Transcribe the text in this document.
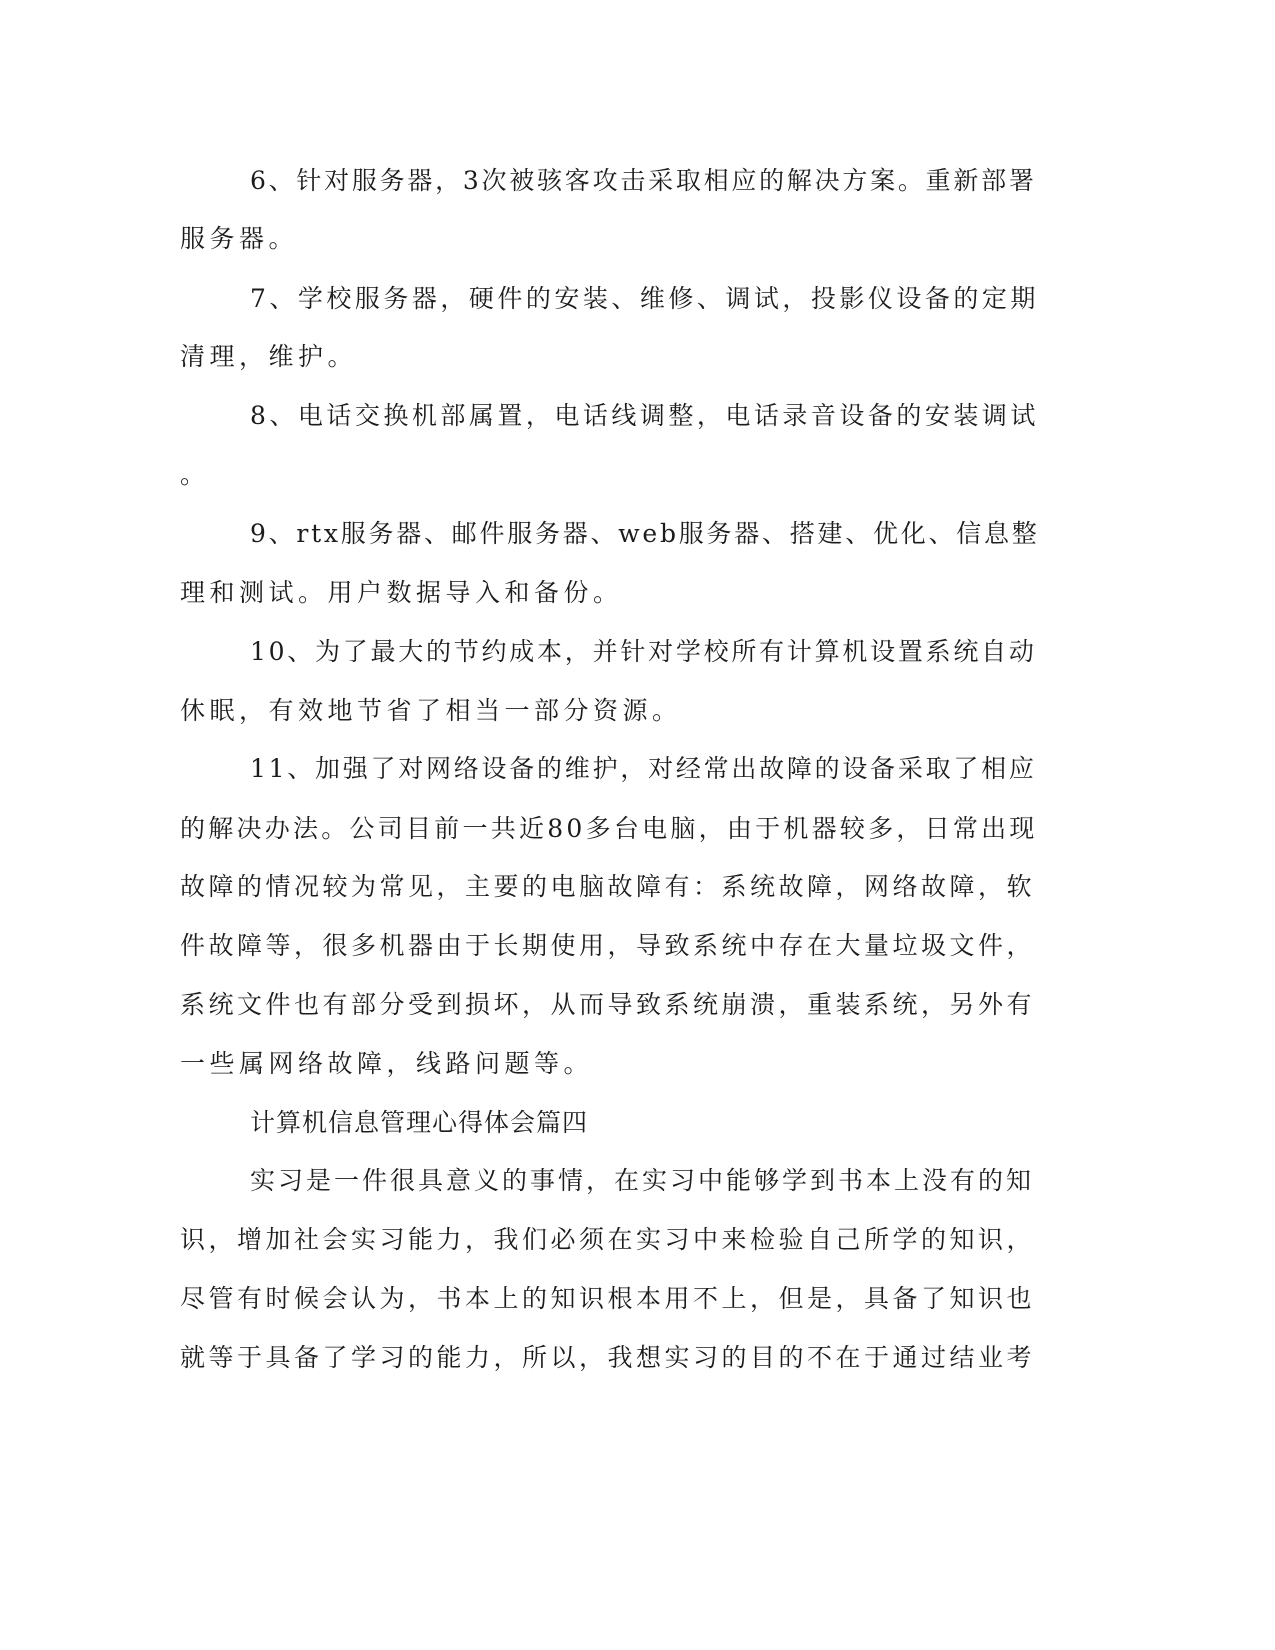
6、针对服务器，3次被骇客攻击采取相应的解决方案。重新部署

服务器。

7、学校服务器，硬件的安装、维修、调试，投影仪设备的定期

清理，维护。

8、电话交换机部属置，电话线调整，电话录音设备的安装调试

。

9、rtx服务器、邮件服务器、web服务器、搭建、优化、信息整

理和测试。用户数据导入和备份。

10、为了最大的节约成本，并针对学校所有计算机设置系统自动

休眠，有效地节省了相当一部分资源。

11、加强了对网络设备的维护，对经常出故障的设备采取了相应

的解决办法。公司目前一共近80多台电脑，由于机器较多，日常出现

故障的情况较为常见，主要的电脑故障有：系统故障，网络故障，软

件故障等，很多机器由于长期使用，导致系统中存在大量垃圾文件，

系统文件也有部分受到损坏，从而导致系统崩溃，重装系统，另外有

一些属网络故障，线路问题等。

计算机信息管理心得体会篇四

实习是一件很具意义的事情，在实习中能够学到书本上没有的知

识，增加社会实习能力，我们必须在实习中来检验自己所学的知识，

尽管有时候会认为，书本上的知识根本用不上，但是，具备了知识也

就等于具备了学习的能力，所以，我想实习的目的不在于通过结业考
